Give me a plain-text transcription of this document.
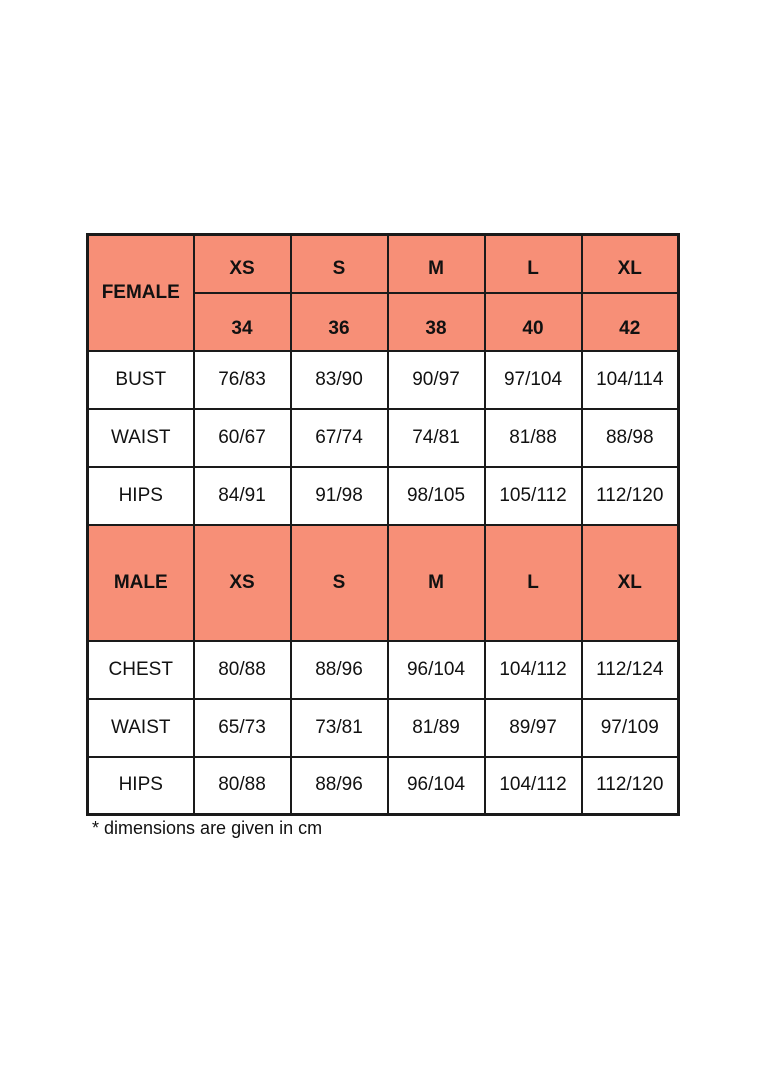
FEMALE	XS	S	M	L	XL
	34	36	38	40	42
BUST	76/83	83/90	90/97	97/104	104/114
WAIST	60/67	67/74	74/81	81/88	88/98
HIPS	84/91	91/98	98/105	105/112	112/120
MALE	XS	S	M	L	XL
CHEST	80/88	88/96	96/104	104/112	112/124
WAIST	65/73	73/81	81/89	89/97	97/109
HIPS	80/88	88/96	96/104	104/112	112/120
* dimensions are given in cm
